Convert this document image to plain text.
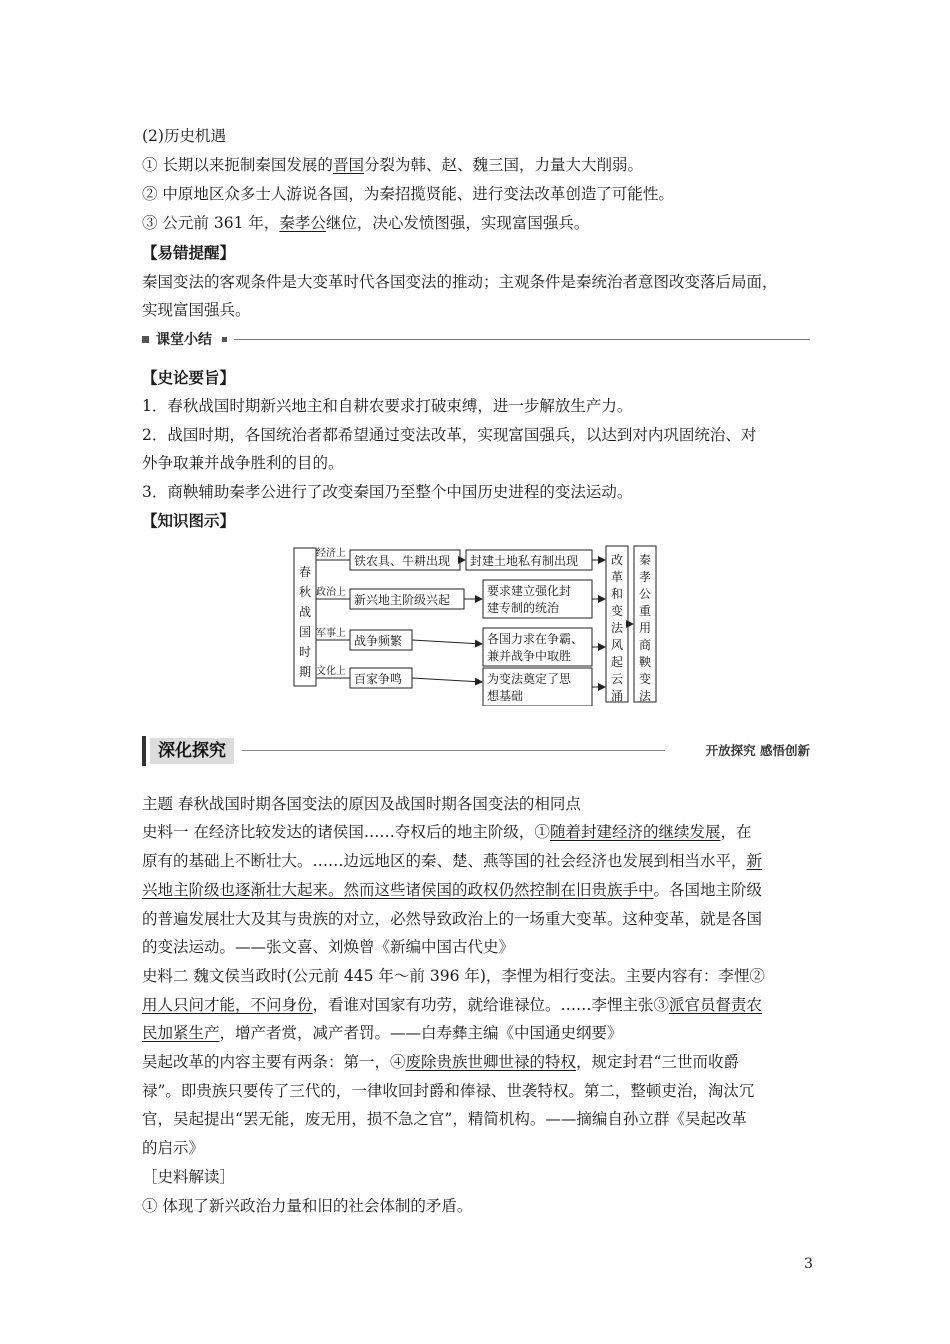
(2)历史机遇
① 长期以来扼制秦国发展的晋国分裂为韩、赵、魏三国，力量大大削弱。
② 中原地区众多士人游说各国，为秦招揽贤能、进行变法改革创造了可能性。
③ 公元前 361 年，秦孝公继位，决心发愤图强，实现富国强兵。
【易错提醒】
秦国变法的客观条件是大变革时代各国变法的推动；主观条件是秦统治者意图改变落后局面，
实现富国强兵。
课堂小结
【史论要旨】
1．春秋战国时期新兴地主和自耕农要求打破束缚，进一步解放生产力。
2．战国时期，各国统治者都希望通过变法改革，实现富国强兵，以达到对内巩固统治、对
外争取兼并战争胜利的目的。
3．商鞅辅助秦孝公进行了改变秦国乃至整个中国历史进程的变法运动。
【知识图示】
春
秋
战
国
时
期
经济上
政治上
军事上
文化上
铁农具、牛耕出现
新兴地主阶级兴起
战争频繁
百家争鸣
封建土地私有制出现
要求建立强化封
建专制的统治
各国力求在争霸、
兼并战争中取胜
为变法奠定了思
想基础
改
革
和
变
法
风
起
云
涌
秦
孝
公
重
用
商
鞅
变
法
深化探究	开放探究 感悟创新
主题 春秋战国时期各国变法的原因及战国时期各国变法的相同点
史料一 在经济比较发达的诸侯国……夺权后的地主阶级，①随着封建经济的继续发展，在
原有的基础上不断壮大。……边远地区的秦、楚、燕等国的社会经济也发展到相当水平，新
兴地主阶级也逐渐壮大起来。然而这些诸侯国的政权仍然控制在旧贵族手中。各国地主阶级
的普遍发展壮大及其与贵族的对立，必然导致政治上的一场重大变革。这种变革，就是各国
的变法运动。——张文喜、刘焕曾《新编中国古代史》
史料二 魏文侯当政时(公元前 445 年～前 396 年)，李悝为相行变法。主要内容有：李悝②
用人只问才能，不问身份，看谁对国家有功劳，就给谁禄位。……李悝主张③派官员督责农
民加紧生产，增产者赏，减产者罚。——白寿彝主编《中国通史纲要》
吴起改革的内容主要有两条：第一，④废除贵族世卿世禄的特权，规定封君“三世而收爵
禄”。即贵族只要传了三代的，一律收回封爵和俸禄、世袭特权。第二，整顿吏治，淘汰冗
官，吴起提出“罢无能，废无用，损不急之官”，精简机构。——摘编自孙立群《吴起改革
的启示》
［史料解读］
① 体现了新兴政治力量和旧的社会体制的矛盾。
3
